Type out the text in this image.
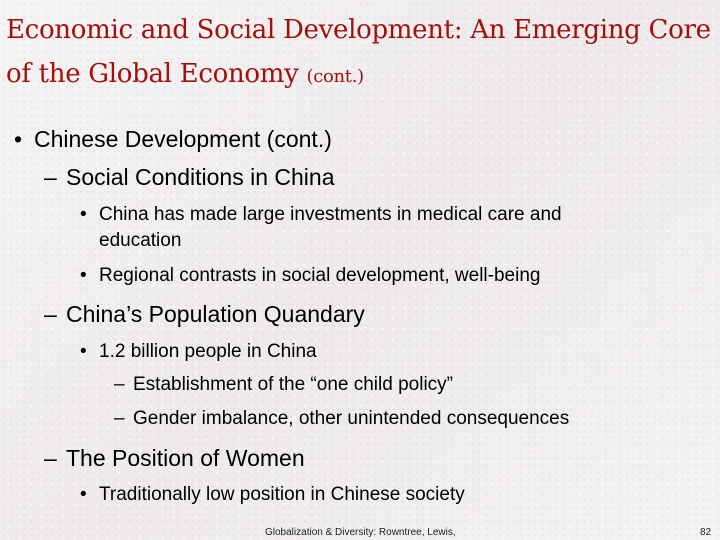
Economic and Social Development: An Emerging Core of the Global Economy (cont.)
• Chinese Development (cont.)
– Social Conditions in China
• China has made large investments in medical care and
education
• Regional contrasts in social development, well-being
– China’s Population Quandary
• 1.2 billion people in China
– Establishment of the “one child policy”
– Gender imbalance, other unintended consequences
– The Position of Women
• Traditionally low position in Chinese society
Globalization & Diversity: Rowntree, Lewis,	82
